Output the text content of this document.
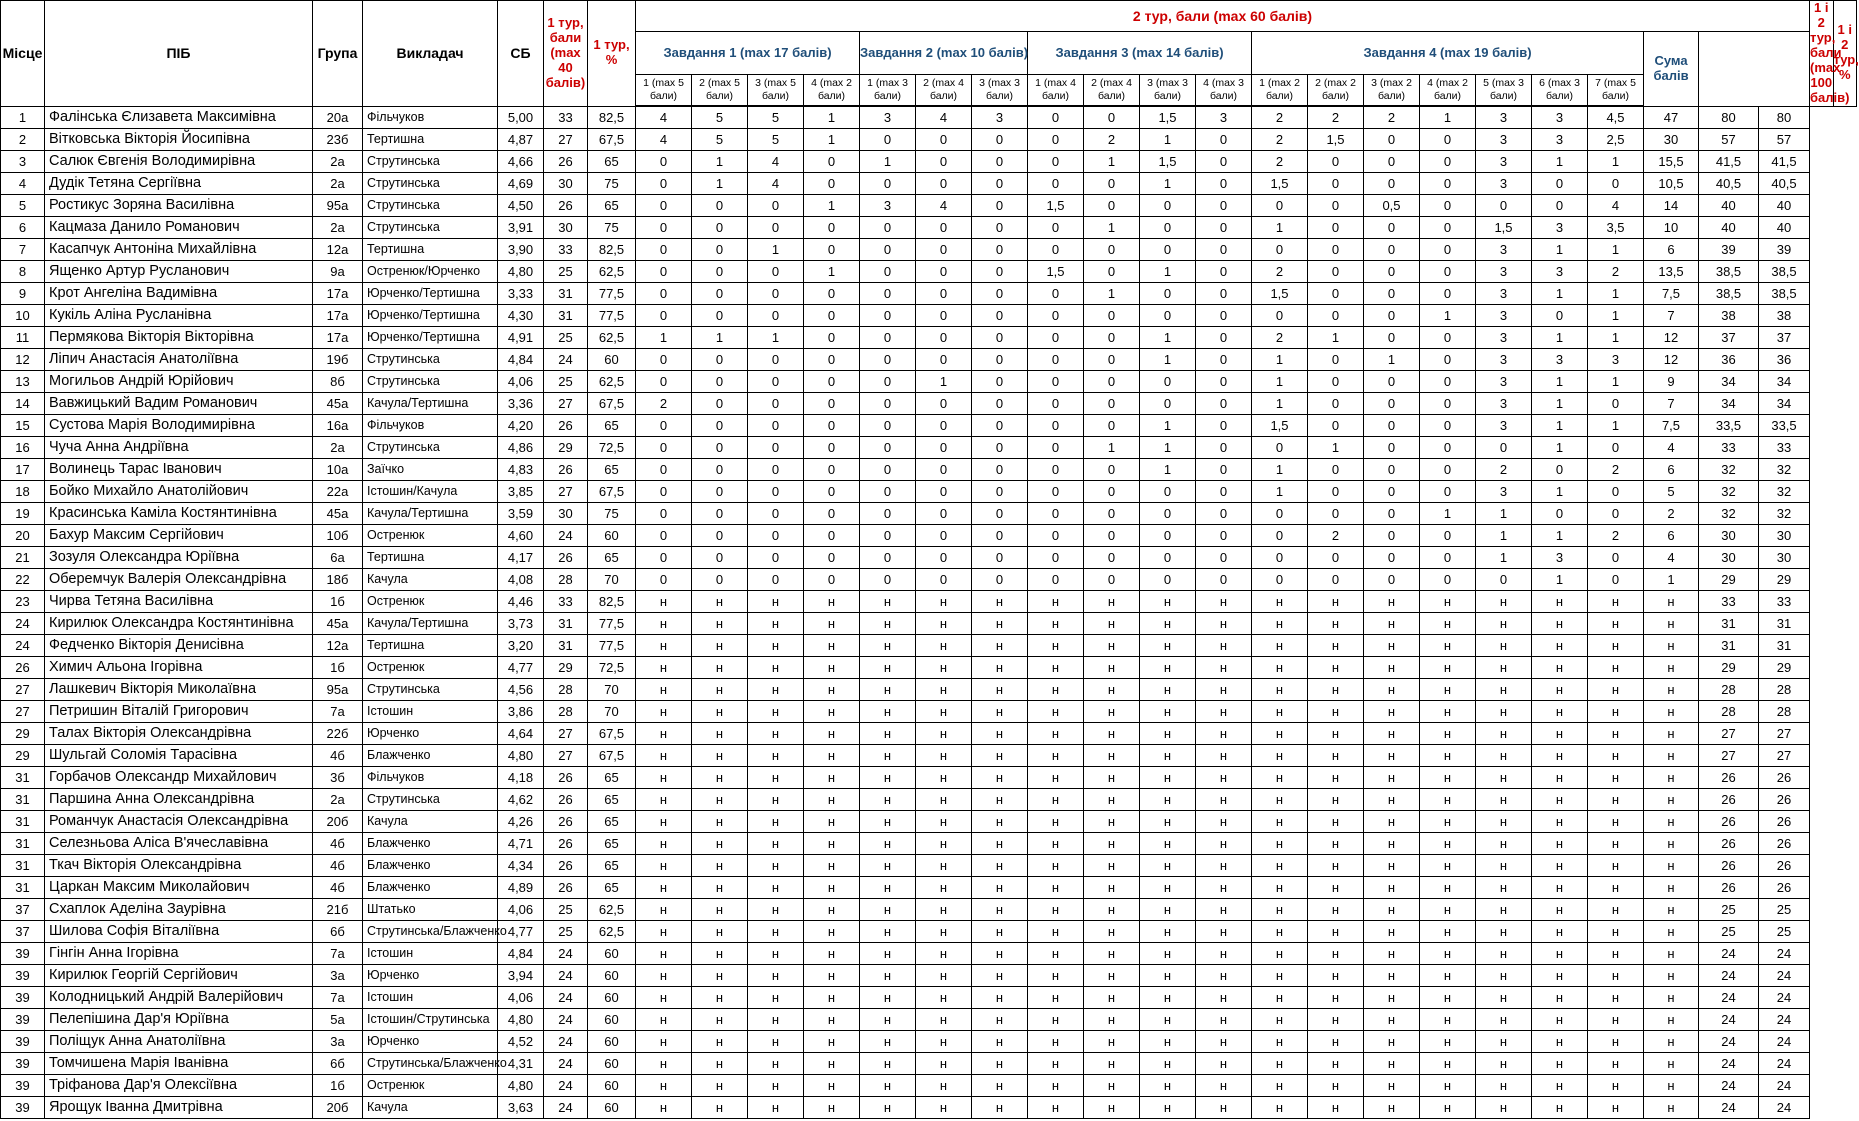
Місце	ПІБ	Група	Викладач	СБ	1 тур, бали (max 40 балів)	1 тур, %	2 тур, бали (max 60 балів)																					1 і 2 тур, бали (max 100 балів)	1 і 2 тур, %
							Завдання 1 (max 17 балів)				Завдання 2 (max 10 балів)			Завдання 3 (max 14 балів)				Завдання 4 (max 19 балів)							Сума балів				
							1 (max 5 бали)	2 (max 5 бали)	3 (max 5 бали)	4 (max 2 бали)	1 (max 3 бали)	2 (max 4 бали)	3 (max 3 бали)	1 (max 4 бали)	2 (max 4 бали)	3 (max 3 бали)	4 (max 3 бали)	1 (max 2 бали)	2 (max 2 бали)	3 (max 2 бали)	4 (max 2 бали)	5 (max 3 бали)	6 (max 3 бали)	7 (max 5 бали)					
1	Фалінська Єлизавета Максимівна	20а	Фільчуков	5,00	33	82,5	4	5	5	1	3	4	3	0	0	1,5	3	2	2	2	1	3	3	4,5	47	80	80		
2	Вітковська Вікторія Йосипівна	23б	Тертишна	4,87	27	67,5	4	5	5	1	0	0	0	0	2	1	0	2	1,5	0	0	3	3	2,5	30	57	57		
3	Салюк Євгенія Володимирівна	2а	Струтинська	4,66	26	65	0	1	4	0	1	0	0	0	1	1,5	0	2	0	0	0	3	1	1	15,5	41,5	41,5		
4	Дудік Тетяна Сергіївна	2а	Струтинська	4,69	30	75	0	1	4	0	0	0	0	0	0	1	0	1,5	0	0	0	3	0	0	10,5	40,5	40,5		
5	Ростикус Зоряна Василівна	95а	Струтинська	4,50	26	65	0	0	0	1	3	4	0	1,5	0	0	0	0	0	0,5	0	0	0	4	14	40	40		
6	Кацмаза Данило Романович	2а	Струтинська	3,91	30	75	0	0	0	0	0	0	0	0	1	0	0	1	0	0	0	1,5	3	3,5	10	40	40		
7	Касапчук Антоніна Михайлівна	12а	Тертишна	3,90	33	82,5	0	0	1	0	0	0	0	0	0	0	0	0	0	0	0	3	1	1	6	39	39		
8	Ященко Артур Русланович	9а	Остренюк/Юрченко	4,80	25	62,5	0	0	0	1	0	0	0	1,5	0	1	0	2	0	0	0	3	3	2	13,5	38,5	38,5		
9	Крот Ангеліна Вадимівна	17а	Юрченко/Тертишна	3,33	31	77,5	0	0	0	0	0	0	0	0	1	0	0	1,5	0	0	0	3	1	1	7,5	38,5	38,5		
10	Кукіль Аліна Русланівна	17а	Юрченко/Тертишна	4,30	31	77,5	0	0	0	0	0	0	0	0	0	0	0	0	0	0	1	3	0	1	7	38	38		
11	Пермякова Вікторія Вікторівна	17а	Юрченко/Тертишна	4,91	25	62,5	1	1	1	0	0	0	0	0	0	1	0	2	1	0	0	3	1	1	12	37	37		
12	Ліпич Анастасія Анатоліївна	19б	Струтинська	4,84	24	60	0	0	0	0	0	0	0	0	0	1	0	1	0	1	0	3	3	3	12	36	36		
13	Могильов Андрій Юрійович	8б	Струтинська	4,06	25	62,5	0	0	0	0	0	1	0	0	0	0	0	1	0	0	0	3	1	1	9	34	34		
14	Вавжицький Вадим Романович	45а	Качула/Тертишна	3,36	27	67,5	2	0	0	0	0	0	0	0	0	0	0	1	0	0	0	3	1	0	7	34	34		
15	Сустова Марія Володимирівна	16а	Фільчуков	4,20	26	65	0	0	0	0	0	0	0	0	0	1	0	1,5	0	0	0	3	1	1	7,5	33,5	33,5		
16	Чуча Анна Андріївна	2а	Струтинська	4,86	29	72,5	0	0	0	0	0	0	0	0	1	1	0	0	1	0	0	0	1	0	4	33	33		
17	Волинець Тарас Іванович	10а	Заїчко	4,83	26	65	0	0	0	0	0	0	0	0	0	1	0	1	0	0	0	2	0	2	6	32	32		
18	Бойко Михайло Анатолійович	22а	Істошин/Качула	3,85	27	67,5	0	0	0	0	0	0	0	0	0	0	0	1	0	0	0	3	1	0	5	32	32		
19	Красинська Каміла Костянтинівна	45а	Качула/Тертишна	3,59	30	75	0	0	0	0	0	0	0	0	0	0	0	0	0	0	1	1	0	0	2	32	32		
20	Бахур Максим Сергійович	10б	Остренюк	4,60	24	60	0	0	0	0	0	0	0	0	0	0	0	0	2	0	0	1	1	2	6	30	30		
21	Зозуля Олександра Юріївна	6а	Тертишна	4,17	26	65	0	0	0	0	0	0	0	0	0	0	0	0	0	0	0	1	3	0	4	30	30		
22	Оберемчук Валерія Олександрівна	18б	Качула	4,08	28	70	0	0	0	0	0	0	0	0	0	0	0	0	0	0	0	0	1	0	1	29	29		
23	Чирва Тетяна Василівна	1б	Остренюк	4,46	33	82,5	н	н	н	н	н	н	н	н	н	н	н	н	н	н	н	н	н	н	н	33	33		
24	Кирилюк Олександра Костянтинівна	45а	Качула/Тертишна	3,73	31	77,5	н	н	н	н	н	н	н	н	н	н	н	н	н	н	н	н	н	н	н	31	31		
24	Федченко Вікторія Денисівна	12а	Тертишна	3,20	31	77,5	н	н	н	н	н	н	н	н	н	н	н	н	н	н	н	н	н	н	н	31	31		
26	Химич Альона Ігорівна	1б	Остренюк	4,77	29	72,5	н	н	н	н	н	н	н	н	н	н	н	н	н	н	н	н	н	н	н	29	29		
27	Лашкевич Вікторія Миколаївна	95а	Струтинська	4,56	28	70	н	н	н	н	н	н	н	н	н	н	н	н	н	н	н	н	н	н	н	28	28		
27	Петришин Віталій Григорович	7а	Істошин	3,86	28	70	н	н	н	н	н	н	н	н	н	н	н	н	н	н	н	н	н	н	н	28	28		
29	Талах Вікторія Олександрівна	22б	Юрченко	4,64	27	67,5	н	н	н	н	н	н	н	н	н	н	н	н	н	н	н	н	н	н	н	27	27		
29	Шульгай Соломія Тарасівна	4б	Блажченко	4,80	27	67,5	н	н	н	н	н	н	н	н	н	н	н	н	н	н	н	н	н	н	н	27	27		
31	Горбачов Олександр Михайлович	3б	Фільчуков	4,18	26	65	н	н	н	н	н	н	н	н	н	н	н	н	н	н	н	н	н	н	н	26	26		
31	Паршина Анна Олександрівна	2а	Струтинська	4,62	26	65	н	н	н	н	н	н	н	н	н	н	н	н	н	н	н	н	н	н	н	26	26		
31	Романчук Анастасія Олександрівна	20б	Качула	4,26	26	65	н	н	н	н	н	н	н	н	н	н	н	н	н	н	н	н	н	н	н	26	26		
31	Селезньова Аліса В'ячеславівна	4б	Блажченко	4,71	26	65	н	н	н	н	н	н	н	н	н	н	н	н	н	н	н	н	н	н	н	26	26		
31	Ткач Вікторія Олександрівна	4б	Блажченко	4,34	26	65	н	н	н	н	н	н	н	н	н	н	н	н	н	н	н	н	н	н	н	26	26		
31	Царкан Максим Миколайович	4б	Блажченко	4,89	26	65	н	н	н	н	н	н	н	н	н	н	н	н	н	н	н	н	н	н	н	26	26		
37	Схаплок Аделіна Заурівна	21б	Штатько	4,06	25	62,5	н	н	н	н	н	н	н	н	н	н	н	н	н	н	н	н	н	н	н	25	25		
37	Шилова Софія Віталіївна	6б	Струтинська/Блажченко	4,77	25	62,5	н	н	н	н	н	н	н	н	н	н	н	н	н	н	н	н	н	н	н	25	25		
39	Гінгін Анна Ігорівна	7а	Істошин	4,84	24	60	н	н	н	н	н	н	н	н	н	н	н	н	н	н	н	н	н	н	н	24	24		
39	Кирилюк Георгій Сергійович	3а	Юрченко	3,94	24	60	н	н	н	н	н	н	н	н	н	н	н	н	н	н	н	н	н	н	н	24	24		
39	Колодницький Андрій Валерійович	7а	Істошин	4,06	24	60	н	н	н	н	н	н	н	н	н	н	н	н	н	н	н	н	н	н	н	24	24		
39	Пелепішина Дар'я Юріївна	5а	Істошин/Струтинська	4,80	24	60	н	н	н	н	н	н	н	н	н	н	н	н	н	н	н	н	н	н	н	24	24		
39	Поліщук Анна Анатоліївна	3а	Юрченко	4,52	24	60	н	н	н	н	н	н	н	н	н	н	н	н	н	н	н	н	н	н	н	24	24		
39	Томчишена Марія Іванівна	6б	Струтинська/Блажченко	4,31	24	60	н	н	н	н	н	н	н	н	н	н	н	н	н	н	н	н	н	н	н	24	24		
39	Тріфанова Дар'я Олексіївна	1б	Остренюк	4,80	24	60	н	н	н	н	н	н	н	н	н	н	н	н	н	н	н	н	н	н	н	24	24		
39	Ярощук Іванна Дмитрівна	20б	Качула	3,63	24	60	н	н	н	н	н	н	н	н	н	н	н	н	н	н	н	н	н	н	н	24	24		
